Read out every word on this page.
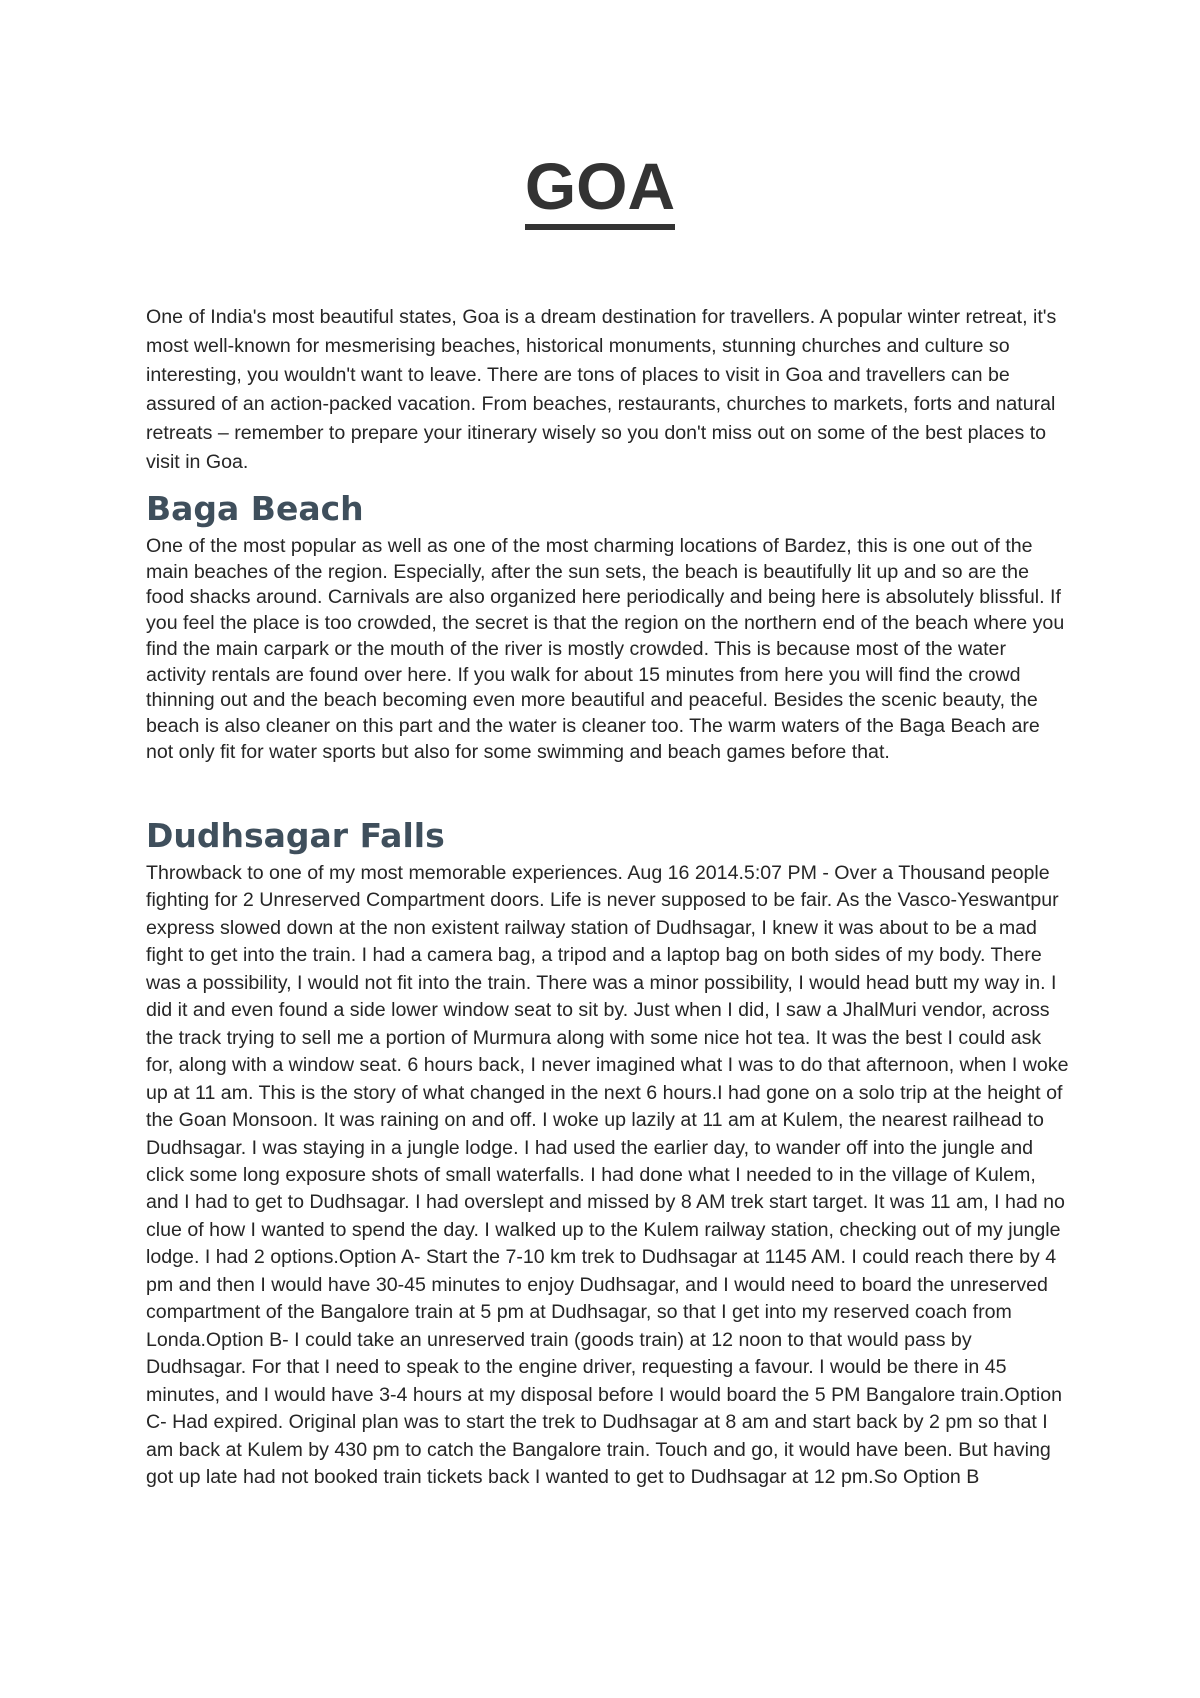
GOA

One of India's most beautiful states, Goa is a dream destination for travellers. A popular winter retreat, it's most well-known for mesmerising beaches, historical monuments, stunning churches and culture so interesting, you wouldn't want to leave. There are tons of places to visit in Goa and travellers can be assured of an action-packed vacation. From beaches, restaurants, churches to markets, forts and natural retreats – remember to prepare your itinerary wisely so you don't miss out on some of the best places to visit in Goa.

Baga Beach

One of the most popular as well as one of the most charming locations of Bardez, this is one out of the main beaches of the region. Especially, after the sun sets, the beach is beautifully lit up and so are the food shacks around. Carnivals are also organized here periodically and being here is absolutely blissful. If you feel the place is too crowded, the secret is that the region on the northern end of the beach where you find the main carpark or the mouth of the river is mostly crowded. This is because most of the water activity rentals are found over here. If you walk for about 15 minutes from here you will find the crowd thinning out and the beach becoming even more beautiful and peaceful. Besides the scenic beauty, the beach is also cleaner on this part and the water is cleaner too. The warm waters of the Baga Beach are not only fit for water sports but also for some swimming and beach games before that.

Dudhsagar Falls

Throwback to one of my most memorable experiences. Aug 16 2014.5:07 PM - Over a Thousand people fighting for 2 Unreserved Compartment doors. Life is never supposed to be fair. As the Vasco-Yeswantpur express slowed down at the non existent railway station of Dudhsagar, I knew it was about to be a mad fight to get into the train. I had a camera bag, a tripod and a laptop bag on both sides of my body. There was a possibility, I would not fit into the train. There was a minor possibility, I would head butt my way in. I did it and even found a side lower window seat to sit by. Just when I did, I saw a JhalMuri vendor, across the track trying to sell me a portion of Murmura along with some nice hot tea. It was the best I could ask for, along with a window seat. 6 hours back, I never imagined what I was to do that afternoon, when I woke up at 11 am. This is the story of what changed in the next 6 hours.I had gone on a solo trip at the height of the Goan Monsoon. It was raining on and off. I woke up lazily at 11 am at Kulem, the nearest railhead to Dudhsagar. I was staying in a jungle lodge. I had used the earlier day, to wander off into the jungle and click some long exposure shots of small waterfalls. I had done what I needed to in the village of Kulem, and I had to get to Dudhsagar. I had overslept and missed by 8 AM trek start target. It was 11 am, I had no clue of how I wanted to spend the day. I walked up to the Kulem railway station, checking out of my jungle lodge. I had 2 options.Option A- Start the 7-10 km trek to Dudhsagar at 1145 AM. I could reach there by 4 pm and then I would have 30-45 minutes to enjoy Dudhsagar, and I would need to board the unreserved compartment of the Bangalore train at 5 pm at Dudhsagar, so that I get into my reserved coach from Londa.Option B- I could take an unreserved train (goods train) at 12 noon to that would pass by Dudhsagar. For that I need to speak to the engine driver, requesting a favour. I would be there in 45 minutes, and I would have 3-4 hours at my disposal before I would board the 5 PM Bangalore train.Option C- Had expired. Original plan was to start the trek to Dudhsagar at 8 am and start back by 2 pm so that I am back at Kulem by 430 pm to catch the Bangalore train. Touch and go, it would have been. But having got up late had not booked train tickets back I wanted to get to Dudhsagar at 12 pm.So Option B
